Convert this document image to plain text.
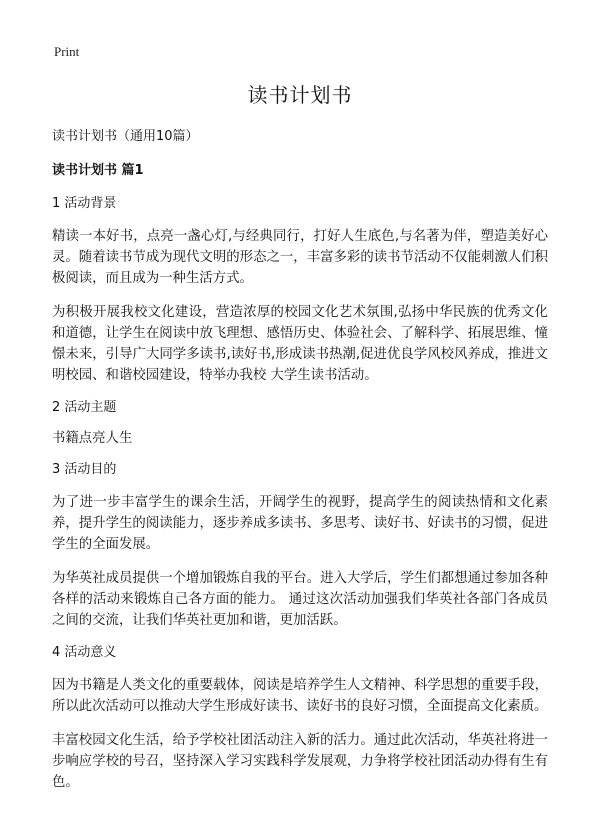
Print
读书计划书
读书计划书（通用10篇）
读书计划书 篇1
1 活动背景

精读一本好书，点亮一盏心灯,与经典同行，打好人生底色,与名著为伴，塑造美好心灵。随着读书节成为现代文明的形态之一，丰富多彩的读书节活动不仅能刺激人们积极阅读，而且成为一种生活方式。

为积极开展我校文化建设，营造浓厚的校园文化艺术氛围,弘扬中华民族的优秀文化和道德，让学生在阅读中放飞理想、感悟历史、体验社会、了解科学、拓展思维、憧憬未来，引导广大同学多读书,读好书,形成读书热潮,促进优良学风校风养成，推进文明校园、和谐校园建设，特举办我校 大学生读书活动。

2 活动主题
书籍点亮人生
3 活动目的

为了进一步丰富学生的课余生活，开阔学生的视野，提高学生的阅读热情和文化素养，提升学生的阅读能力，逐步养成多读书、多思考、读好书、好读书的习惯，促进学生的全面发展。

为华英社成员提供一个增加锻炼自我的平台。进入大学后，学生们都想通过参加各种各样的活动来锻炼自己各方面的能力。 通过这次活动加强我们华英社各部门各成员之间的交流，让我们华英社更加和谐，更加活跃。

4 活动意义

因为书籍是人类文化的重要载体，阅读是培养学生人文精神、科学思想的重要手段，所以此次活动可以推动大学生形成好读书、读好书的良好习惯，全面提高文化素质。

丰富校园文化生活，给予学校社团活动注入新的活力。通过此次活动，华英社将进一步响应学校的号召，坚持深入学习实践科学发展观，力争将学校社团活动办得有生有色。
